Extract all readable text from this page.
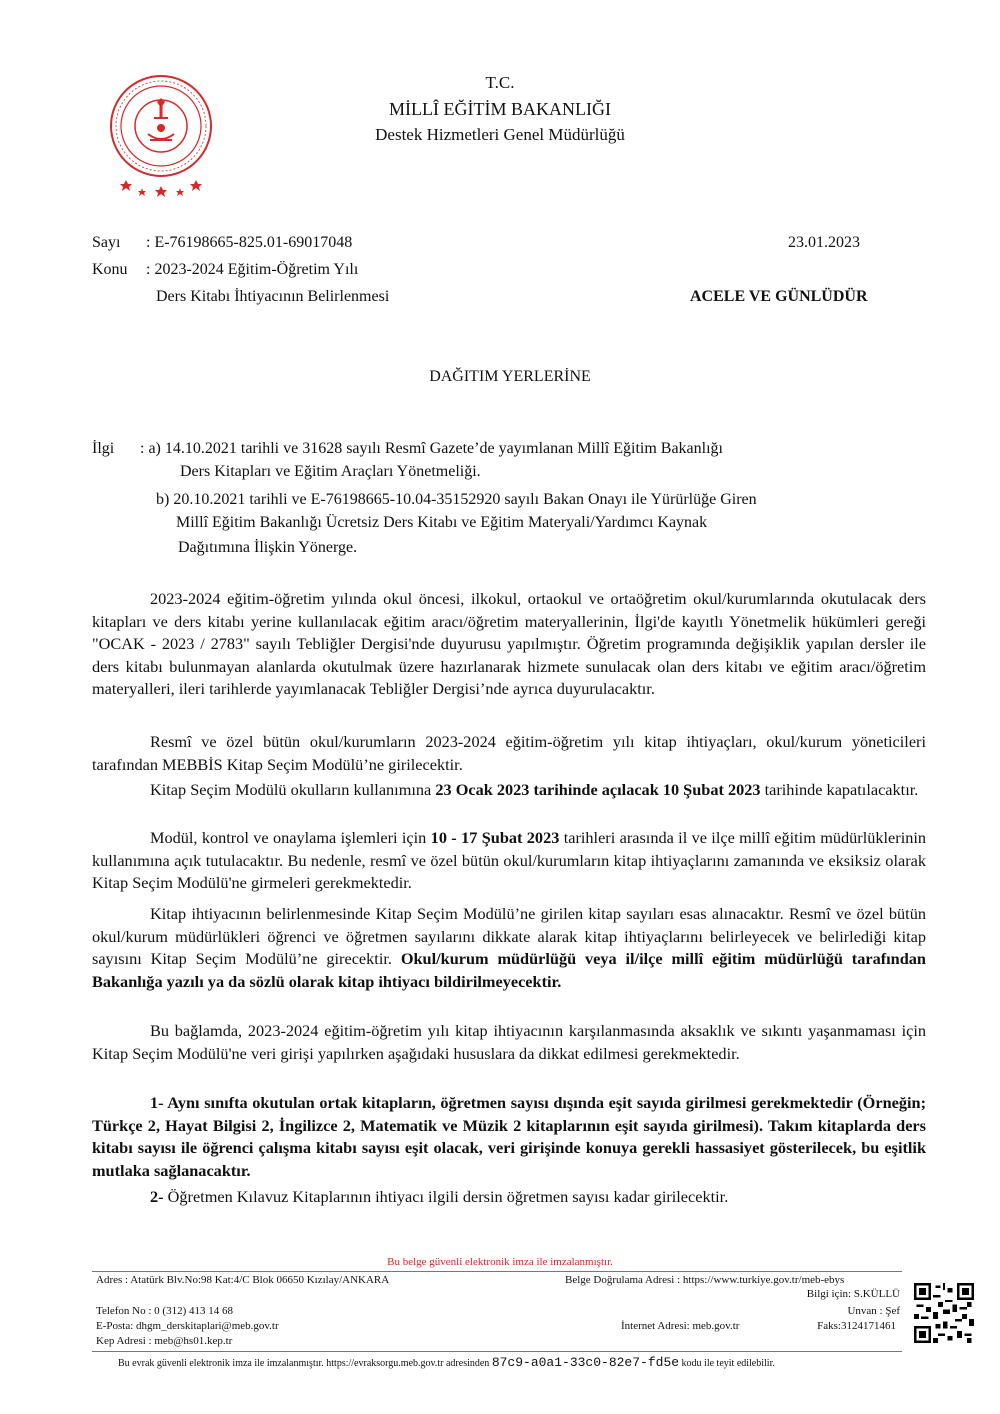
T.C.
MİLLÎ EĞİTİM BAKANLIĞI
Destek Hizmetleri Genel Müdürlüğü
Sayı : E-76198665-825.01-69017048	23.01.2023
Konu : 2023-2024 Eğitim-Öğretim Yılı
Ders Kitabı İhtiyacının Belirlenmesi	ACELE VE GÜNLÜDÜR
DAĞITIM YERLERİNE
İlgi : a) 14.10.2021 tarihli ve 31628 sayılı Resmî Gazete’de yayımlanan Millî Eğitim Bakanlığı
Ders Kitapları ve Eğitim Araçları Yönetmeliği.
b) 20.10.2021 tarihli ve E-76198665-10.04-35152920 sayılı Bakan Onayı ile Yürürlüğe Giren
Millî Eğitim Bakanlığı Ücretsiz Ders Kitabı ve Eğitim Materyali/Yardımcı Kaynak
Dağıtımına İlişkin Yönerge.
2023-2024 eğitim-öğretim yılında okul öncesi, ilkokul, ortaokul ve ortaöğretim okul/kurumlarında okutulacak ders kitapları ve ders kitabı yerine kullanılacak eğitim aracı/öğretim materyallerinin, İlgi'de kayıtlı Yönetmelik hükümleri gereği "OCAK - 2023 / 2783" sayılı Tebliğler Dergisi'nde duyurusu yapılmıştır. Öğretim programında değişiklik yapılan dersler ile ders kitabı bulunmayan alanlarda okutulmak üzere hazırlanarak hizmete sunulacak olan ders kitabı ve eğitim aracı/öğretim materyalleri, ileri tarihlerde yayımlanacak Tebliğler Dergisi’nde ayrıca duyurulacaktır.
Resmî ve özel bütün okul/kurumların 2023-2024 eğitim-öğretim yılı kitap ihtiyaçları, okul/kurum yöneticileri tarafından MEBBİS Kitap Seçim Modülü’ne girilecektir.
Kitap Seçim Modülü okulların kullanımına 23 Ocak 2023 tarihinde açılacak 10 Şubat 2023 tarihinde kapatılacaktır.
Modül, kontrol ve onaylama işlemleri için 10 - 17 Şubat 2023 tarihleri arasında il ve ilçe millî eğitim müdürlüklerinin kullanımına açık tutulacaktır. Bu nedenle, resmî ve özel bütün okul/kurumların kitap ihtiyaçlarını zamanında ve eksiksiz olarak Kitap Seçim Modülü'ne girmeleri gerekmektedir.
Kitap ihtiyacının belirlenmesinde Kitap Seçim Modülü’ne girilen kitap sayıları esas alınacaktır. Resmî ve özel bütün okul/kurum müdürlükleri öğrenci ve öğretmen sayılarını dikkate alarak kitap ihtiyaçlarını belirleyecek ve belirlediği kitap sayısını Kitap Seçim Modülü’ne girecektir. Okul/kurum müdürlüğü veya il/ilçe millî eğitim müdürlüğü tarafından Bakanlığa yazılı ya da sözlü olarak kitap ihtiyacı bildirilmeyecektir.
Bu bağlamda, 2023-2024 eğitim-öğretim yılı kitap ihtiyacının karşılanmasında aksaklık ve sıkıntı yaşanmaması için Kitap Seçim Modülü'ne veri girişi yapılırken aşağıdaki hususlara da dikkat edilmesi gerekmektedir.
1- Aynı sınıfta okutulan ortak kitapların, öğretmen sayısı dışında eşit sayıda girilmesi gerekmektedir (Örneğin; Türkçe 2, Hayat Bilgisi 2, İngilizce 2, Matematik ve Müzik 2 kitaplarının eşit sayıda girilmesi). Takım kitaplarda ders kitabı sayısı ile öğrenci çalışma kitabı sayısı eşit olacak, veri girişinde konuya gerekli hassasiyet gösterilecek, bu eşitlik mutlaka sağlanacaktır.
2- Öğretmen Kılavuz Kitaplarının ihtiyacı ilgili dersin öğretmen sayısı kadar girilecektir.
Bu belge güvenli elektronik imza ile imzalanmıştır.
Adres : Atatürk Blv.No:98 Kat:4/C Blok 06650 Kızılay/ANKARA	Belge Doğrulama Adresi : https://www.turkiye.gov.tr/meb-ebys
Bilgi için: S.KÜLLÜ
Unvan : Şef
Telefon No : 0 (312) 413 14 68
E-Posta: dhgm_derskitaplari@meb.gov.tr	İnternet Adresi: meb.gov.tr	Faks:3124171461
Kep Adresi : meb@hs01.kep.tr
Bu evrak güvenli elektronik imza ile imzalanmıştır. https://evraksorgu.meb.gov.tr adresinden 87c9-a0a1-33c0-82e7-fd5e kodu ile teyit edilebilir.
